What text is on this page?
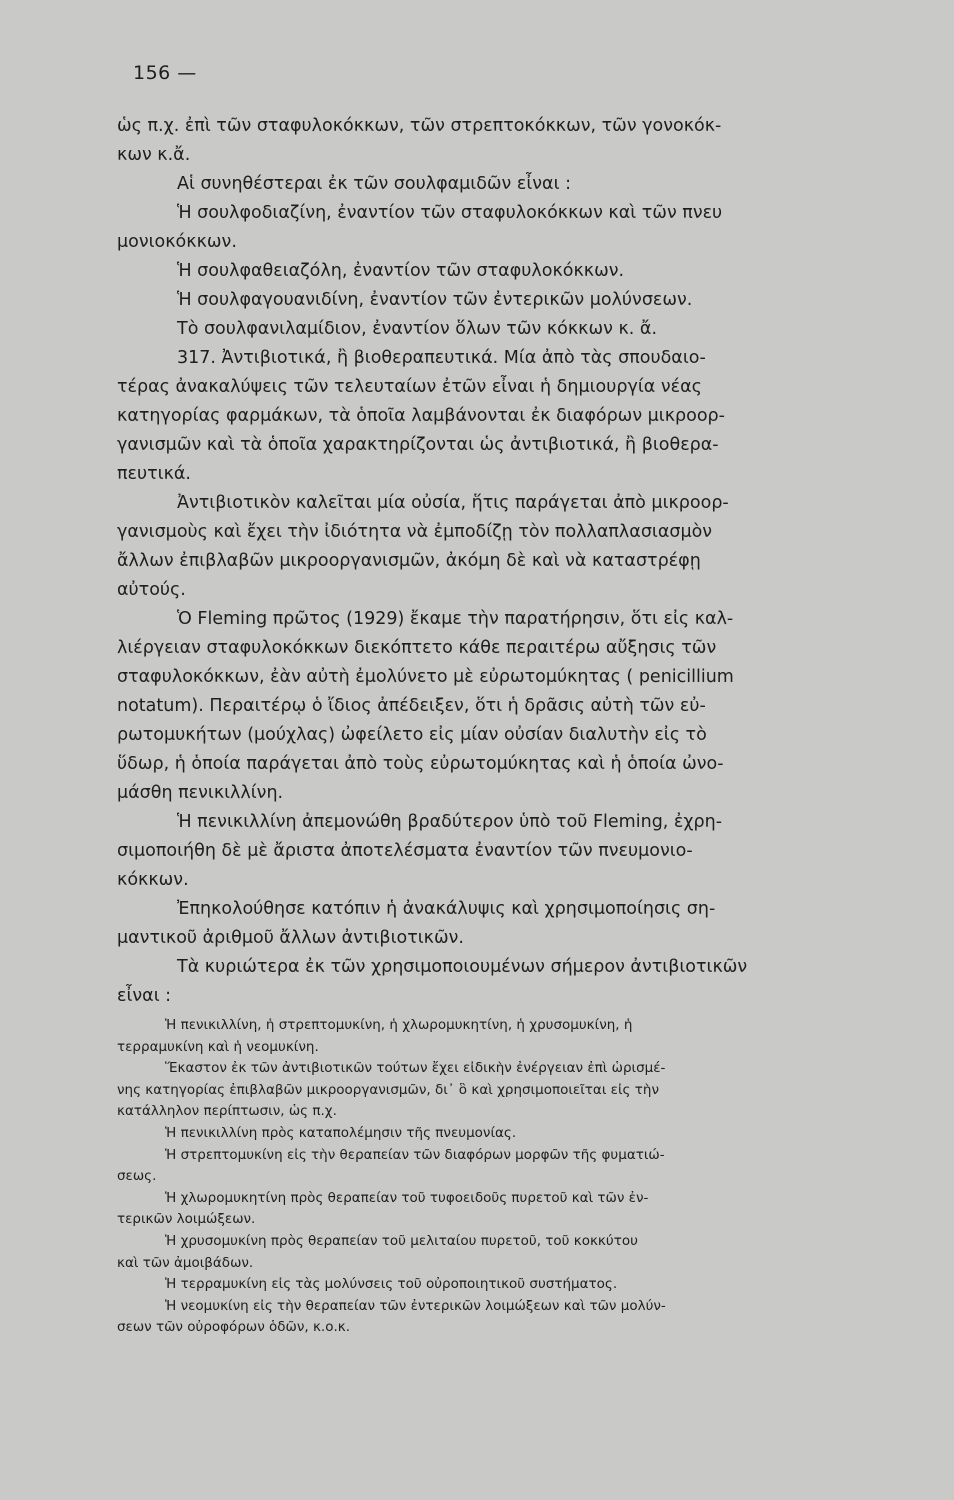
156 —
ὡς π.χ. ἐπὶ τῶν σταφυλοκόκκων, τῶν στρεπτοκόκκων, τῶν γονοκόκ-
κων κ.ἄ.
Αἱ συνηθέστεραι ἐκ τῶν σουλφαμιδῶν εἶναι :
Ἡ σουλφοδιαζίνη, ἐναντίον τῶν σταφυλοκόκκων καὶ τῶν πνευ
μονιοκόκκων.
Ἡ σουλφαθειαζόλη, ἐναντίον τῶν σταφυλοκόκκων.
Ἡ σουλφαγουανιδίνη, ἐναντίον τῶν ἐντερικῶν μολύνσεων.
Τὸ σουλφανιλαμίδιον, ἐναντίον ὅλων τῶν κόκκων κ. ἄ.
317. Ἀντιβιοτικά, ἢ βιοθεραπευτικά. Μία ἀπὸ τὰς σπουδαιο-
τέρας ἀνακαλύψεις τῶν τελευταίων ἐτῶν εἶναι ἡ δημιουργία νέας
κατηγορίας φαρμάκων, τὰ ὁποῖα λαμβάνονται ἐκ διαφόρων μικροορ-
γανισμῶν καὶ τὰ ὁποῖα χαρακτηρίζονται ὡς ἀντιβιοτικά, ἢ βιοθερα-
πευτικά.
Ἀντιβιοτικὸν καλεῖται μία οὐσία, ἥτις παράγεται ἀπὸ μικροορ-
γανισμοὺς καὶ ἔχει τὴν ἰδιότητα νὰ ἐμποδίζῃ τὸν πολλαπλασιασμὸν
ἄλλων ἐπιβλαβῶν μικροοργανισμῶν, ἀκόμη δὲ καὶ νὰ καταστρέφῃ
αὐτούς.
Ὁ Fleming πρῶτος (1929) ἔκαμε τὴν παρατήρησιν, ὅτι εἰς καλ-
λιέργειαν σταφυλοκόκκων διεκόπτετο κάθε περαιτέρω αὔξησις τῶν
σταφυλοκόκκων, ἐὰν αὐτὴ ἐμολύνετο μὲ εὐρωτομύκητας ( penicillium
notatum). Περαιτέρῳ ὁ ἴδιος ἀπέδειξεν, ὅτι ἡ δρᾶσις αὐτὴ τῶν εὐ-
ρωτομυκήτων (μούχλας) ὠφείλετο εἰς μίαν οὐσίαν διαλυτὴν εἰς τὸ
ὕδωρ, ἡ ὁποία παράγεται ἀπὸ τοὺς εὐρωτομύκητας καὶ ἡ ὁποία ὠνο-
μάσθη πενικιλλίνη.
Ἡ πενικιλλίνη ἀπεμονώθη βραδύτερον ὑπὸ τοῦ Fleming, ἐχρη-
σιμοποιήθη δὲ μὲ ἄριστα ἀποτελέσματα ἐναντίον τῶν πνευμονιο-
κόκκων.
Ἐπηκολούθησε κατόπιν ἡ ἀνακάλυψις καὶ χρησιμοποίησις ση-
μαντικοῦ ἀριθμοῦ ἄλλων ἀντιβιοτικῶν.
Τὰ κυριώτερα ἐκ τῶν χρησιμοποιουμένων σήμερον ἀντιβιοτικῶν
εἶναι :
Ἡ πενικιλλίνη, ἡ στρεπτομυκίνη, ἡ χλωρομυκητίνη, ἡ χρυσομυκίνη, ἡ
τερραμυκίνη καὶ ἡ νεομυκίνη.
Ἕκαστον ἐκ τῶν ἀντιβιοτικῶν τούτων ἔχει εἰδικὴν ἐνέργειαν ἐπὶ ὡρισμέ-
νης κατηγορίας ἐπιβλαβῶν μικροοργανισμῶν, δι᾽ ὃ καὶ χρησιμοποιεῖται εἰς τὴν
κατάλληλον περίπτωσιν, ὡς π.χ.
Ἡ πενικιλλίνη πρὸς καταπολέμησιν τῆς πνευμονίας.
Ἡ στρεπτομυκίνη εἰς τὴν θεραπείαν τῶν διαφόρων μορφῶν τῆς φυματιώ-
σεως.
Ἡ χλωρομυκητίνη πρὸς θεραπείαν τοῦ τυφοειδοῦς πυρετοῦ καὶ τῶν ἐν-
τερικῶν λοιμώξεων.
Ἡ χρυσομυκίνη πρὸς θεραπείαν τοῦ μελιταίου πυρετοῦ, τοῦ κοκκύτου
καὶ τῶν ἀμοιβάδων.
Ἡ τερραμυκίνη εἰς τὰς μολύνσεις τοῦ οὐροποιητικοῦ συστήματος.
Ἡ νεομυκίνη εἰς τὴν θεραπείαν τῶν ἐντερικῶν λοιμώξεων καὶ τῶν μολύν-
σεων τῶν οὐροφόρων ὁδῶν, κ.ο.κ.
